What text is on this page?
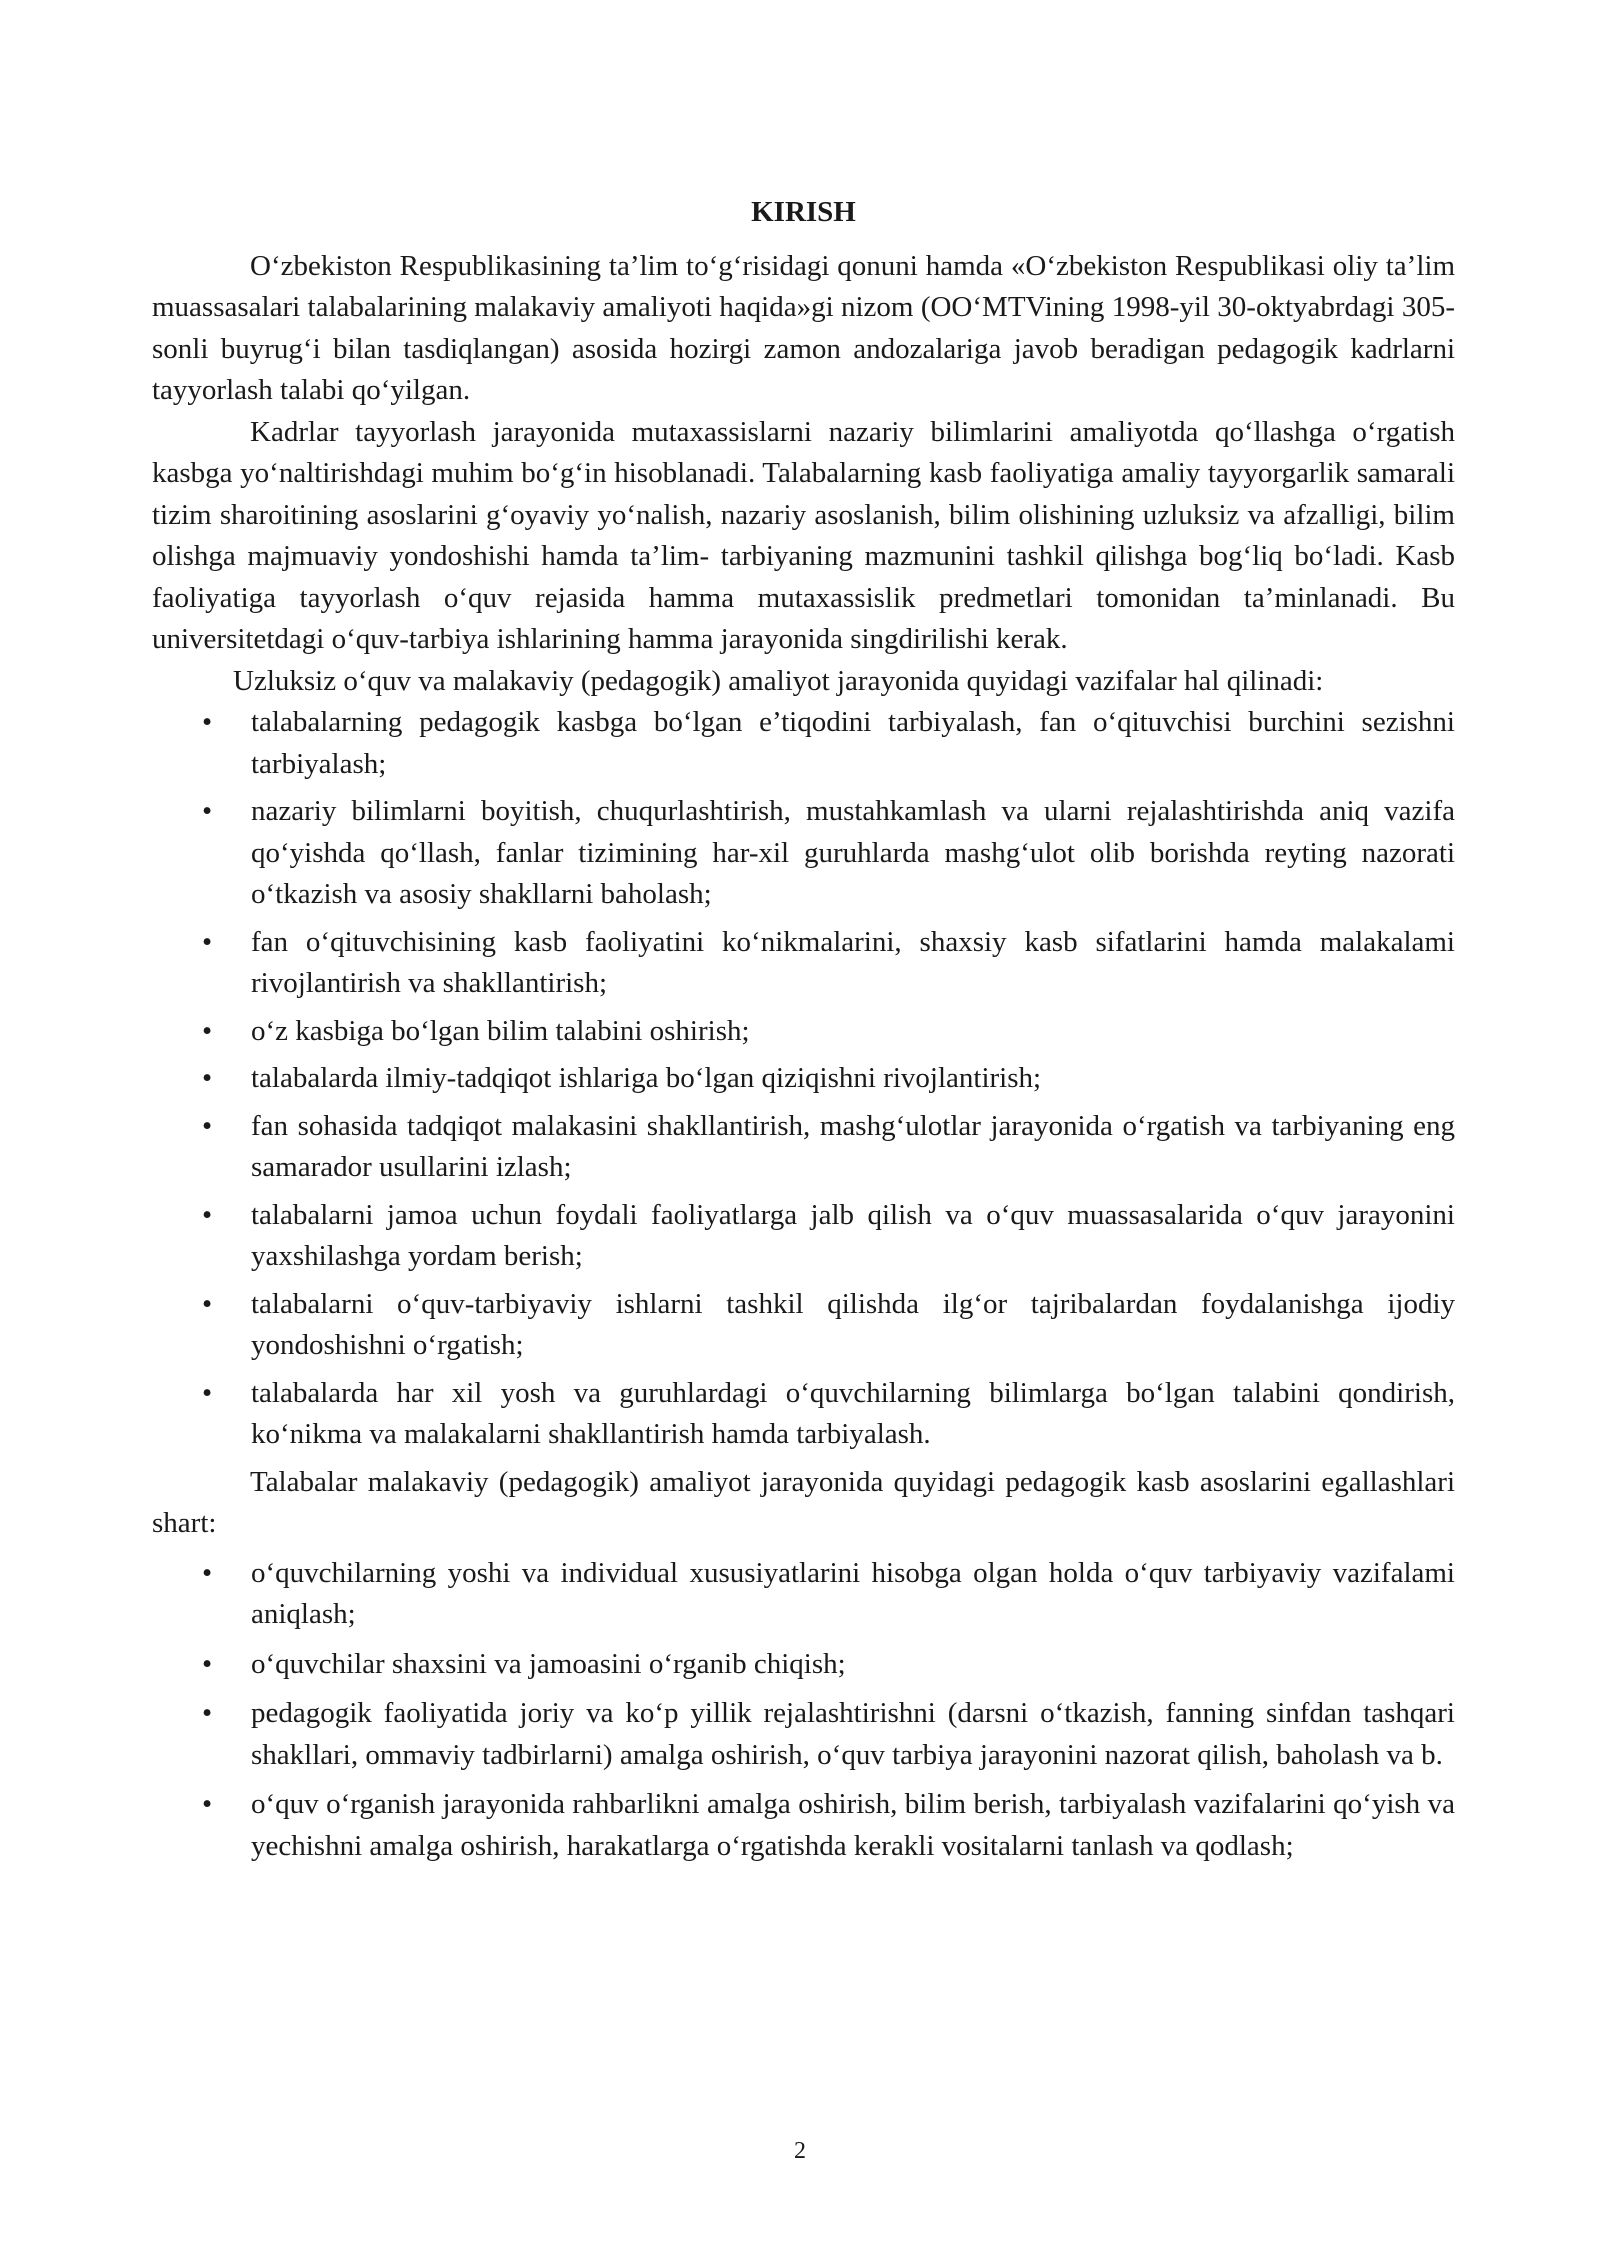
KIRISH

O‘zbekiston Respublikasining ta’lim to‘g‘risidagi qonuni hamda «O‘zbekiston Respublikasi oliy ta’lim muassasalari talabalarining malakaviy amaliyoti haqida»gi nizom (OO‘MTVining 1998-yil 30-oktyabrdagi 305-sonli buyrug‘i bilan tasdiqlangan) asosida hozirgi zamon andozalariga javob beradigan pedagogik kadrlarni tayyorlash talabi qo‘yilgan.

Kadrlar tayyorlash jarayonida mutaxassislarni nazariy bilimlarini amaliyotda qo‘llashga o‘rgatish kasbga yo‘naltirishdagi muhim bo‘g‘in hisoblanadi. Talabalarning kasb faoliyatiga amaliy tayyorgarlik samarali tizim sharoitining asoslarini g‘oyaviy yo‘nalish, nazariy asoslanish, bilim olishining uzluksiz va afzalligi, bilim olishga majmuaviy yondoshishi hamda ta’lim- tarbiyaning mazmunini tashkil qilishga bog‘liq bo‘ladi. Kasb faoliyatiga tayyorlash o‘quv rejasida hamma mutaxassislik predmetlari tomonidan ta’minlanadi. Bu universitetdagi o‘quv-tarbiya ishlarining hamma jarayonida singdirilishi kerak.

Uzluksiz o‘quv va malakaviy (pedagogik) amaliyot jarayonida quyidagi vazifalar hal qilinadi:

• talabalarning pedagogik kasbga bo‘lgan e’tiqodini tarbiyalash, fan o‘qituvchisi burchini sezishni tarbiyalash;
• nazariy bilimlarni boyitish, chuqurlashtirish, mustahkamlash va ularni rejalashtirishda aniq vazifa qo‘yishda qo‘llash, fanlar tizimining har-xil guruhlarda mashg‘ulot olib borishda reyting nazorati o‘tkazish va asosiy shakllarni baholash;
• fan o‘qituvchisining kasb faoliyatini ko‘nikmalarini, shaxsiy kasb sifatlarini hamda malakalami rivojlantirish va shakllantirish;
• o‘z kasbiga bo‘lgan bilim talabini oshirish;
• talabalarda ilmiy-tadqiqot ishlariga bo‘lgan qiziqishni rivojlantirish;
• fan sohasida tadqiqot malakasini shakllantirish, mashg‘ulotlar jarayonida o‘rgatish va tarbiyaning eng samarador usullarini izlash;
• talabalarni jamoa uchun foydali faoliyatlarga jalb qilish va o‘quv muassasalarida o‘quv jarayonini yaxshilashga yordam berish;
• talabalarni o‘quv-tarbiyaviy ishlarni tashkil qilishda ilg‘or tajribalardan foydalanishga ijodiy yondoshishni o‘rgatish;
• talabalarda har xil yosh va guruhlardagi o‘quvchilarning bilimlarga bo‘lgan talabini qondirish, ko‘nikma va malakalarni shakllantirish hamda tarbiyalash.

Talabalar malakaviy (pedagogik) amaliyot jarayonida quyidagi pedagogik kasb asoslarini egallashlari shart:

• o‘quvchilarning yoshi va individual xususiyatlarini hisobga olgan holda o‘quv tarbiyaviy vazifalami aniqlash;
• o‘quvchilar shaxsini va jamoasini o‘rganib chiqish;
• pedagogik faoliyatida joriy va ko‘p yillik rejalashtirishni (darsni o‘tkazish, fanning sinfdan tashqari shakllari, ommaviy tadbirlarni) amalga oshirish, o‘quv tarbiya jarayonini nazorat qilish, baholash va b.
• o‘quv o‘rganish jarayonida rahbarlikni amalga oshirish, bilim berish, tarbiyalash vazifalarini qo‘yish va yechishni amalga oshirish, harakatlarga o‘rgatishda kerakli vositalarni tanlash va qodlash;
2
